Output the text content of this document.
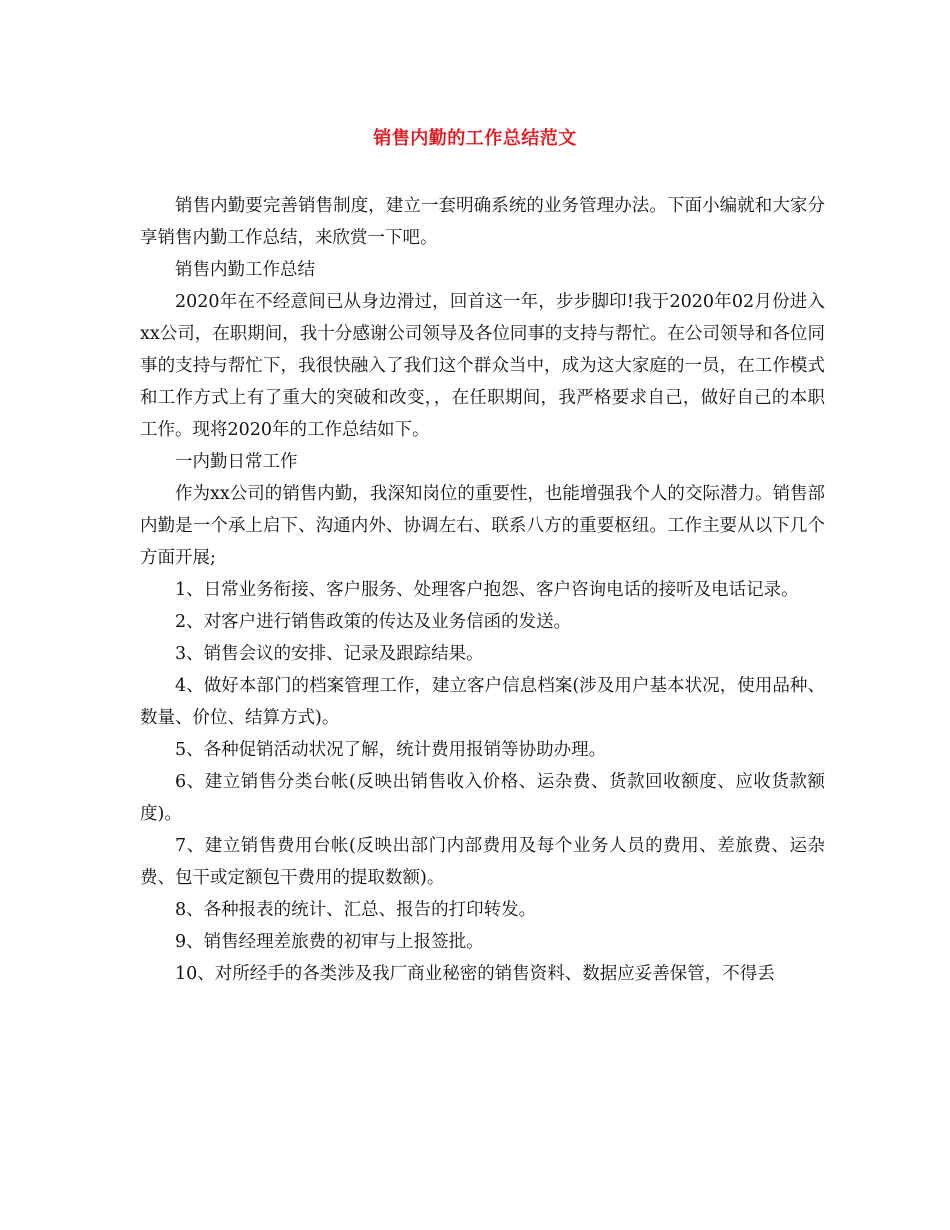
销售内勤的工作总结范文

销售内勤要完善销售制度，建立一套明确系统的业务管理办法。下面小编就和大家分享销售内勤工作总结，来欣赏一下吧。

销售内勤工作总结

2020年在不经意间已从身边滑过，回首这一年，步步脚印!我于2020年02月份进入xx公司，在职期间，我十分感谢公司领导及各位同事的支持与帮忙。在公司领导和各位同事的支持与帮忙下，我很快融入了我们这个群众当中，成为这大家庭的一员，在工作模式和工作方式上有了重大的突破和改变，，在任职期间，我严格要求自己，做好自己的本职工作。现将2020年的工作总结如下。

一内勤日常工作

作为xx公司的销售内勤，我深知岗位的重要性，也能增强我个人的交际潜力。销售部内勤是一个承上启下、沟通内外、协调左右、联系八方的重要枢纽。工作主要从以下几个方面开展;

1、日常业务衔接、客户服务、处理客户抱怨、客户咨询电话的接听及电话记录。

2、对客户进行销售政策的传达及业务信函的发送。

3、销售会议的安排、记录及跟踪结果。

4、做好本部门的档案管理工作，建立客户信息档案(涉及用户基本状况，使用品种、数量、价位、结算方式)。

5、各种促销活动状况了解，统计费用报销等协助办理。

6、建立销售分类台帐(反映出销售收入价格、运杂费、货款回收额度、应收货款额度)。

7、建立销售费用台帐(反映出部门内部费用及每个业务人员的费用、差旅费、运杂费、包干或定额包干费用的提取数额)。

8、各种报表的统计、汇总、报告的打印转发。

9、销售经理差旅费的初审与上报签批。

10、对所经手的各类涉及我厂商业秘密的销售资料、数据应妥善保管，不得丢
